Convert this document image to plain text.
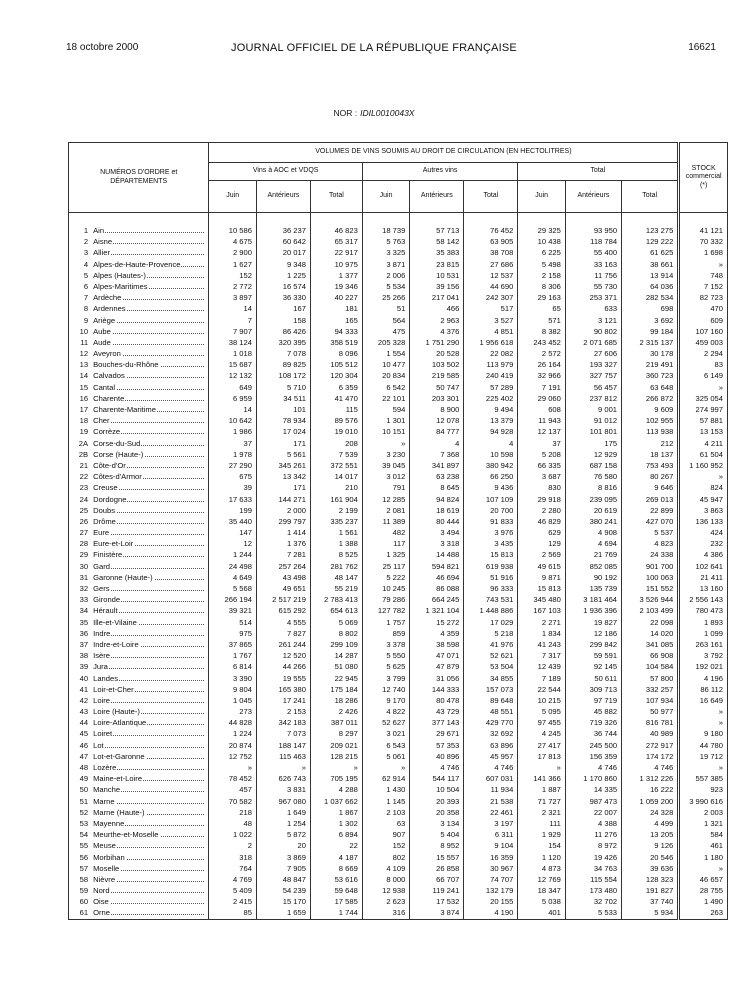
18 octobre 2000	JOURNAL OFFICIEL DE LA RÉPUBLIQUE FRANÇAISE	16621
NOR : IDIL0010043X
NUMÉROS D'ORDRE et DÉPARTEMENTS		VOLUMES DE VINS SOUMIS AU DROIT DE CIRCULATION (EN HECTOLITRES)									STOCK commercial (*)
		Vins à AOC et VDQS			Autres vins			Total			
		Juin	Antérieurs	Total	Juin	Antérieurs	Total	Juin	Antérieurs	Total	

1	Ain	10 586	36 237	46 823	18 739	57 713	76 452	29 325	93 950	123 275	41 121
2	Aisne	4 675	60 642	65 317	5 763	58 142	63 905	10 438	118 784	129 222	70 332
3	Allier	2 900	20 017	22 917	3 325	35 383	38 708	6 225	55 400	61 625	1 698
4	Alpes-de-Haute-Provence	1 627	9 348	10 975	3 871	23 815	27 686	5 498	33 163	38 661	»
5	Alpes (Hautes-)	152	1 225	1 377	2 006	10 531	12 537	2 158	11 756	13 914	748
6	Alpes-Maritimes	2 772	16 574	19 346	5 534	39 156	44 690	8 306	55 730	64 036	7 152
7	Ardèche	3 897	36 330	40 227	25 266	217 041	242 307	29 163	253 371	282 534	82 723
8	Ardennes	14	167	181	51	466	517	65	633	698	470
9	Ariège	7	158	165	564	2 963	3 527	571	3 121	3 692	609
10	Aube	7 907	86 426	94 333	475	4 376	4 851	8 382	90 802	99 184	107 160
11	Aude	38 124	320 395	358 519	205 328	1 751 290	1 956 618	243 452	2 071 685	2 315 137	459 003
12	Aveyron	1 018	7 078	8 096	1 554	20 528	22 082	2 572	27 606	30 178	2 294
13	Bouches-du-Rhône	15 687	89 825	105 512	10 477	103 502	113 979	26 164	193 327	219 491	83
14	Calvados	12 132	108 172	120 304	20 834	219 585	240 419	32 966	327 757	360 723	6 149
15	Cantal	649	5 710	6 359	6 542	50 747	57 289	7 191	56 457	63 648	»
16	Charente	6 959	34 511	41 470	22 101	203 301	225 402	29 060	237 812	266 872	325 054
17	Charente-Maritime	14	101	115	594	8 900	9 494	608	9 001	9 609	274 997
18	Cher	10 642	78 934	89 576	1 301	12 078	13 379	11 943	91 012	102 955	57 881
19	Corrèze	1 986	17 024	19 010	10 151	84 777	94 928	12 137	101 801	113 938	13 153
2A	Corse-du-Sud	37	171	208	»	4	4	37	175	212	4 211
2B	Corse (Haute-)	1 978	5 561	7 539	3 230	7 368	10 598	5 208	12 929	18 137	61 504
21	Côte-d'Or	27 290	345 261	372 551	39 045	341 897	380 942	66 335	687 158	753 493	1 160 952
22	Côtes-d'Armor	675	13 342	14 017	3 012	63 238	66 250	3 687	76 580	80 267	»
23	Creuse	39	171	210	791	8 645	9 436	830	8 816	9 646	824
24	Dordogne	17 633	144 271	161 904	12 285	94 824	107 109	29 918	239 095	269 013	45 947
25	Doubs	199	2 000	2 199	2 081	18 619	20 700	2 280	20 619	22 899	3 863
26	Drôme	35 440	299 797	335 237	11 389	80 444	91 833	46 829	380 241	427 070	136 133
27	Eure	147	1 414	1 561	482	3 494	3 976	629	4 908	5 537	424
28	Eure-et-Loir	12	1 376	1 388	117	3 318	3 435	129	4 694	4 823	232
29	Finistère	1 244	7 281	8 525	1 325	14 488	15 813	2 569	21 769	24 338	4 386
30	Gard	24 498	257 264	281 762	25 117	594 821	619 938	49 615	852 085	901 700	102 641
31	Garonne (Haute-)	4 649	43 498	48 147	5 222	46 694	51 916	9 871	90 192	100 063	21 411
32	Gers	5 568	49 651	55 219	10 245	86 088	96 333	15 813	135 739	151 552	13 160
33	Gironde	266 194	2 517 219	2 783 413	79 286	664 245	743 531	345 480	3 181 464	3 526 944	2 556 143
34	Hérault	39 321	615 292	654 613	127 782	1 321 104	1 448 886	167 103	1 936 396	2 103 499	780 473
35	Ille-et-Vilaine	514	4 555	5 069	1 757	15 272	17 029	2 271	19 827	22 098	1 893
36	Indre	975	7 827	8 802	859	4 359	5 218	1 834	12 186	14 020	1 099
37	Indre-et-Loire	37 865	261 244	299 109	3 378	38 598	41 976	41 243	299 842	341 085	263 161
38	Isère	1 767	12 520	14 287	5 550	47 071	52 621	7 317	59 591	66 908	3 792
39	Jura	6 814	44 266	51 080	5 625	47 879	53 504	12 439	92 145	104 584	192 021
40	Landes	3 390	19 555	22 945	3 799	31 056	34 855	7 189	50 611	57 800	4 196
41	Loir-et-Cher	9 804	165 380	175 184	12 740	144 333	157 073	22 544	309 713	332 257	86 112
42	Loire	1 045	17 241	18 286	9 170	80 478	89 648	10 215	97 719	107 934	16 649
43	Loire (Haute-)	273	2 153	2 426	4 822	43 729	48 551	5 095	45 882	50 977	»
44	Loire-Atlantique	44 828	342 183	387 011	52 627	377 143	429 770	97 455	719 326	816 781	»
45	Loiret	1 224	7 073	8 297	3 021	29 671	32 692	4 245	36 744	40 989	9 180
46	Lot	20 874	188 147	209 021	6 543	57 353	63 896	27 417	245 500	272 917	44 780
47	Lot-et-Garonne	12 752	115 463	128 215	5 061	40 896	45 957	17 813	156 359	174 172	19 712
48	Lozère	»	»	»	»	4 746	4 746	»	4 746	4 746	»
49	Maine-et-Loire	78 452	626 743	705 195	62 914	544 117	607 031	141 366	1 170 860	1 312 226	557 385
50	Manche	457	3 831	4 288	1 430	10 504	11 934	1 887	14 335	16 222	923
51	Marne	70 582	967 080	1 037 662	1 145	20 393	21 538	71 727	987 473	1 059 200	3 990 616
52	Marne (Haute-)	218	1 649	1 867	2 103	20 358	22 461	2 321	22 007	24 328	2 003
53	Mayenne	48	1 254	1 302	63	3 134	3 197	111	4 388	4 499	1 321
54	Meurthe-et-Moselle	1 022	5 872	6 894	907	5 404	6 311	1 929	11 276	13 205	584
55	Meuse	2	20	22	152	8 952	9 104	154	8 972	9 126	461
56	Morbihan	318	3 869	4 187	802	15 557	16 359	1 120	19 426	20 546	1 180
57	Moselle	764	7 905	8 669	4 109	26 858	30 967	4 873	34 763	39 636	»
58	Nièvre	4 769	48 847	53 616	8 000	66 707	74 707	12 769	115 554	128 323	46 657
59	Nord	5 409	54 239	59 648	12 938	119 241	132 179	18 347	173 480	191 827	28 755
60	Oise	2 415	15 170	17 585	2 623	17 532	20 155	5 038	32 702	37 740	1 490
61	Orne	85	1 659	1 744	316	3 874	4 190	401	5 533	5 934	263
